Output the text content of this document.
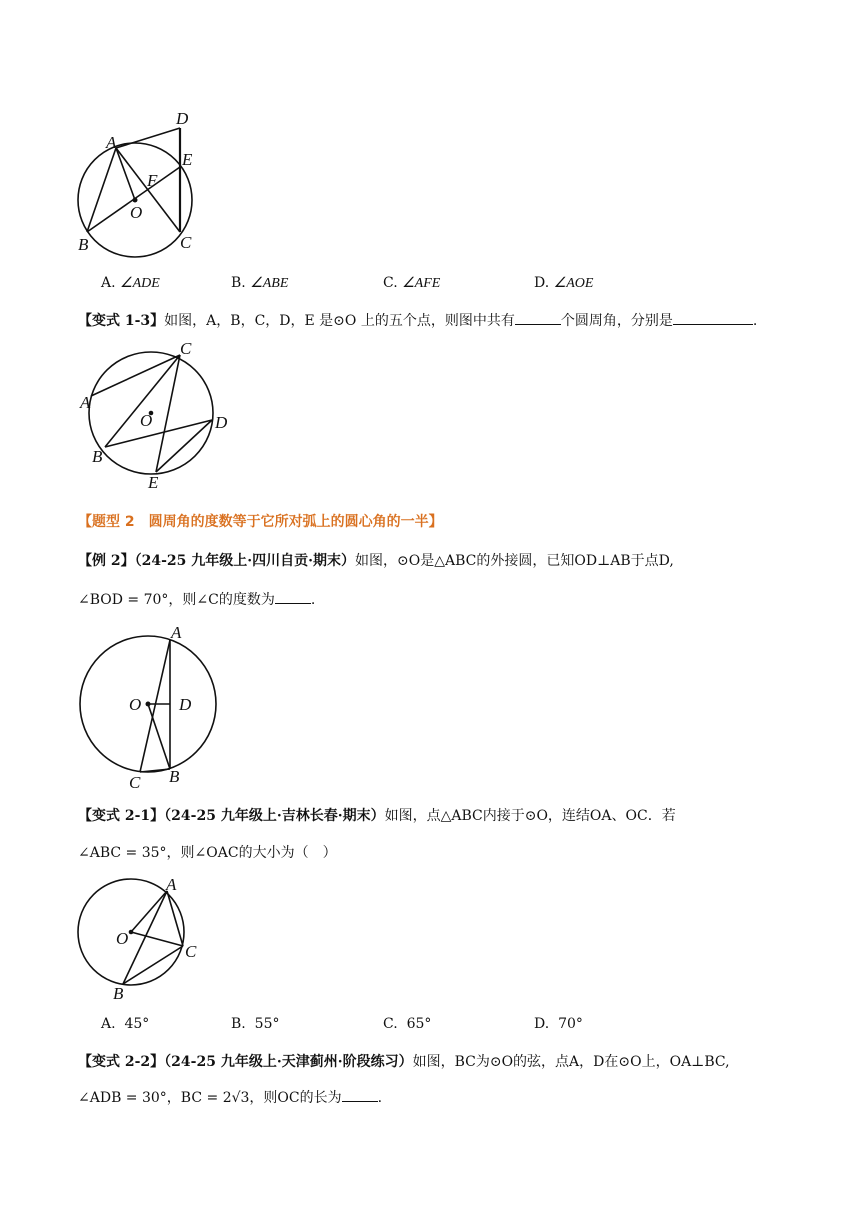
A
D
E
F
O
B	C
A. ∠ADE	B. ∠ABE	C. ∠AFE	D. ∠AOE
【变式 1-3】如图，A，B，C，D，E 是⊙O 上的五个点，则图中共有	个圆周角，分别是	.
C
A
O	D
B
E
【题型 2　圆周角的度数等于它所对弧上的圆心角的一半】
【例 2】（24-25 九年级上·四川自贡·期末）如图，⊙O是△ABC的外接圆，已知OD⊥AB于点D,
∠BOD = 70°，则∠C的度数为	.
A
O D
C B
【变式 2-1】（24-25 九年级上·吉林长春·期末）如图，点△ABC内接于⊙O，连结OA、OC．若
∠ABC = 35°，则∠OAC的大小为（　）
A
O
C
B
A. 45°	B. 55°	C. 65°	D. 70°
【变式 2-2】（24-25 九年级上·天津蓟州·阶段练习）如图，BC为⊙O的弦，点A，D在⊙O上，OA⊥BC,
∠ADB = 30°，BC = 2√3，则OC的长为	.
